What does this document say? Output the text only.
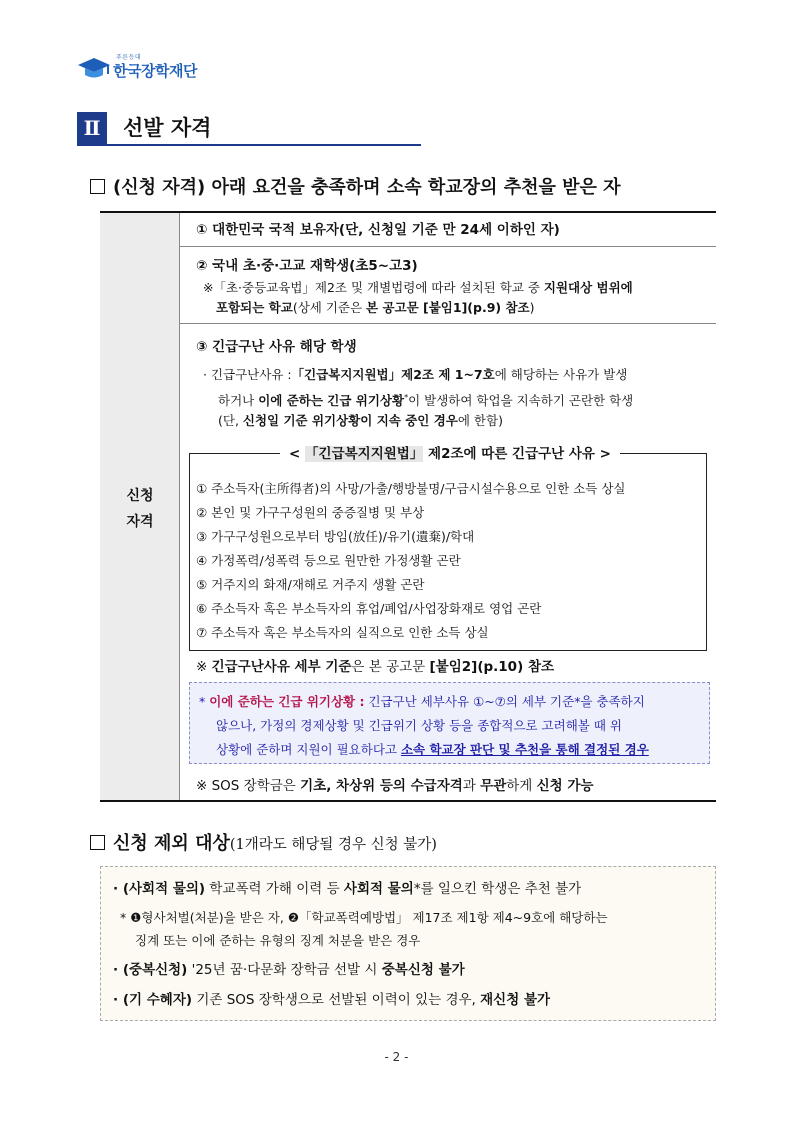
푸른등대
한국장학재단
Ⅱ	선발 자격
(신청 자격) 아래 요건을 충족하며 소속 학교장의 추천을 받은 자
신청
자격
① 대한민국 국적 보유자(단, 신청일 기준 만 24세 이하인 자)
② 국내 초·중·고교 재학생(초5~고3)
※「초·중등교육법」제2조 및 개별법령에 따라 설치된 학교 중 지원대상 범위에
포함되는 학교(상세 기준은 본 공고문 [붙임1](p.9) 참조)
③ 긴급구난 사유 해당 학생
· 긴급구난사유 :「긴급복지지원법」제2조 제 1~7호에 해당하는 사유가 발생
하거나 이에 준하는 긴급 위기상황*이 발생하여 학업을 지속하기 곤란한 학생
(단, 신청일 기준 위기상황이 지속 중인 경우에 한함)
< 「긴급복지지원법」 제2조에 따른 긴급구난 사유 >
① 주소득자(主所得者)의 사망/가출/행방불명/구금시설수용으로 인한 소득 상실
② 본인 및 가구구성원의 중증질병 및 부상
③ 가구구성원으로부터 방임(放任)/유기(遺棄)/학대
④ 가정폭력/성폭력 등으로 원만한 가정생활 곤란
⑤ 거주지의 화재/재해로 거주지 생활 곤란
⑥ 주소득자 혹은 부소득자의 휴업/폐업/사업장화재로 영업 곤란
⑦ 주소득자 혹은 부소득자의 실직으로 인한 소득 상실
※ 긴급구난사유 세부 기준은 본 공고문 [붙임2](p.10) 참조
* 이에 준하는 긴급 위기상황 : 긴급구난 세부사유 ①~⑦의 세부 기준*을 충족하지
않으나, 가정의 경제상황 및 긴급위기 상황 등을 종합적으로 고려해볼 때 위
상황에 준하며 지원이 필요하다고 소속 학교장 판단 및 추천을 통해 결정된 경우
※ SOS 장학금은 기초, 차상위 등의 수급자격과 무관하게 신청 가능
신청 제외 대상(1개라도 해당될 경우 신청 불가)
· (사회적 물의) 학교폭력 가해 이력 등 사회적 물의*를 일으킨 학생은 추천 불가
* ❶형사처벌(처분)을 받은 자, ❷「학교폭력예방법」 제17조 제1항 제4~9호에 해당하는
징계 또는 이에 준하는 유형의 징계 처분을 받은 경우
· (중복신청) '25년 꿈·다문화 장학금 선발 시 중복신청 불가
· (기 수혜자) 기존 SOS 장학생으로 선발된 이력이 있는 경우, 재신청 불가
- 2 -
